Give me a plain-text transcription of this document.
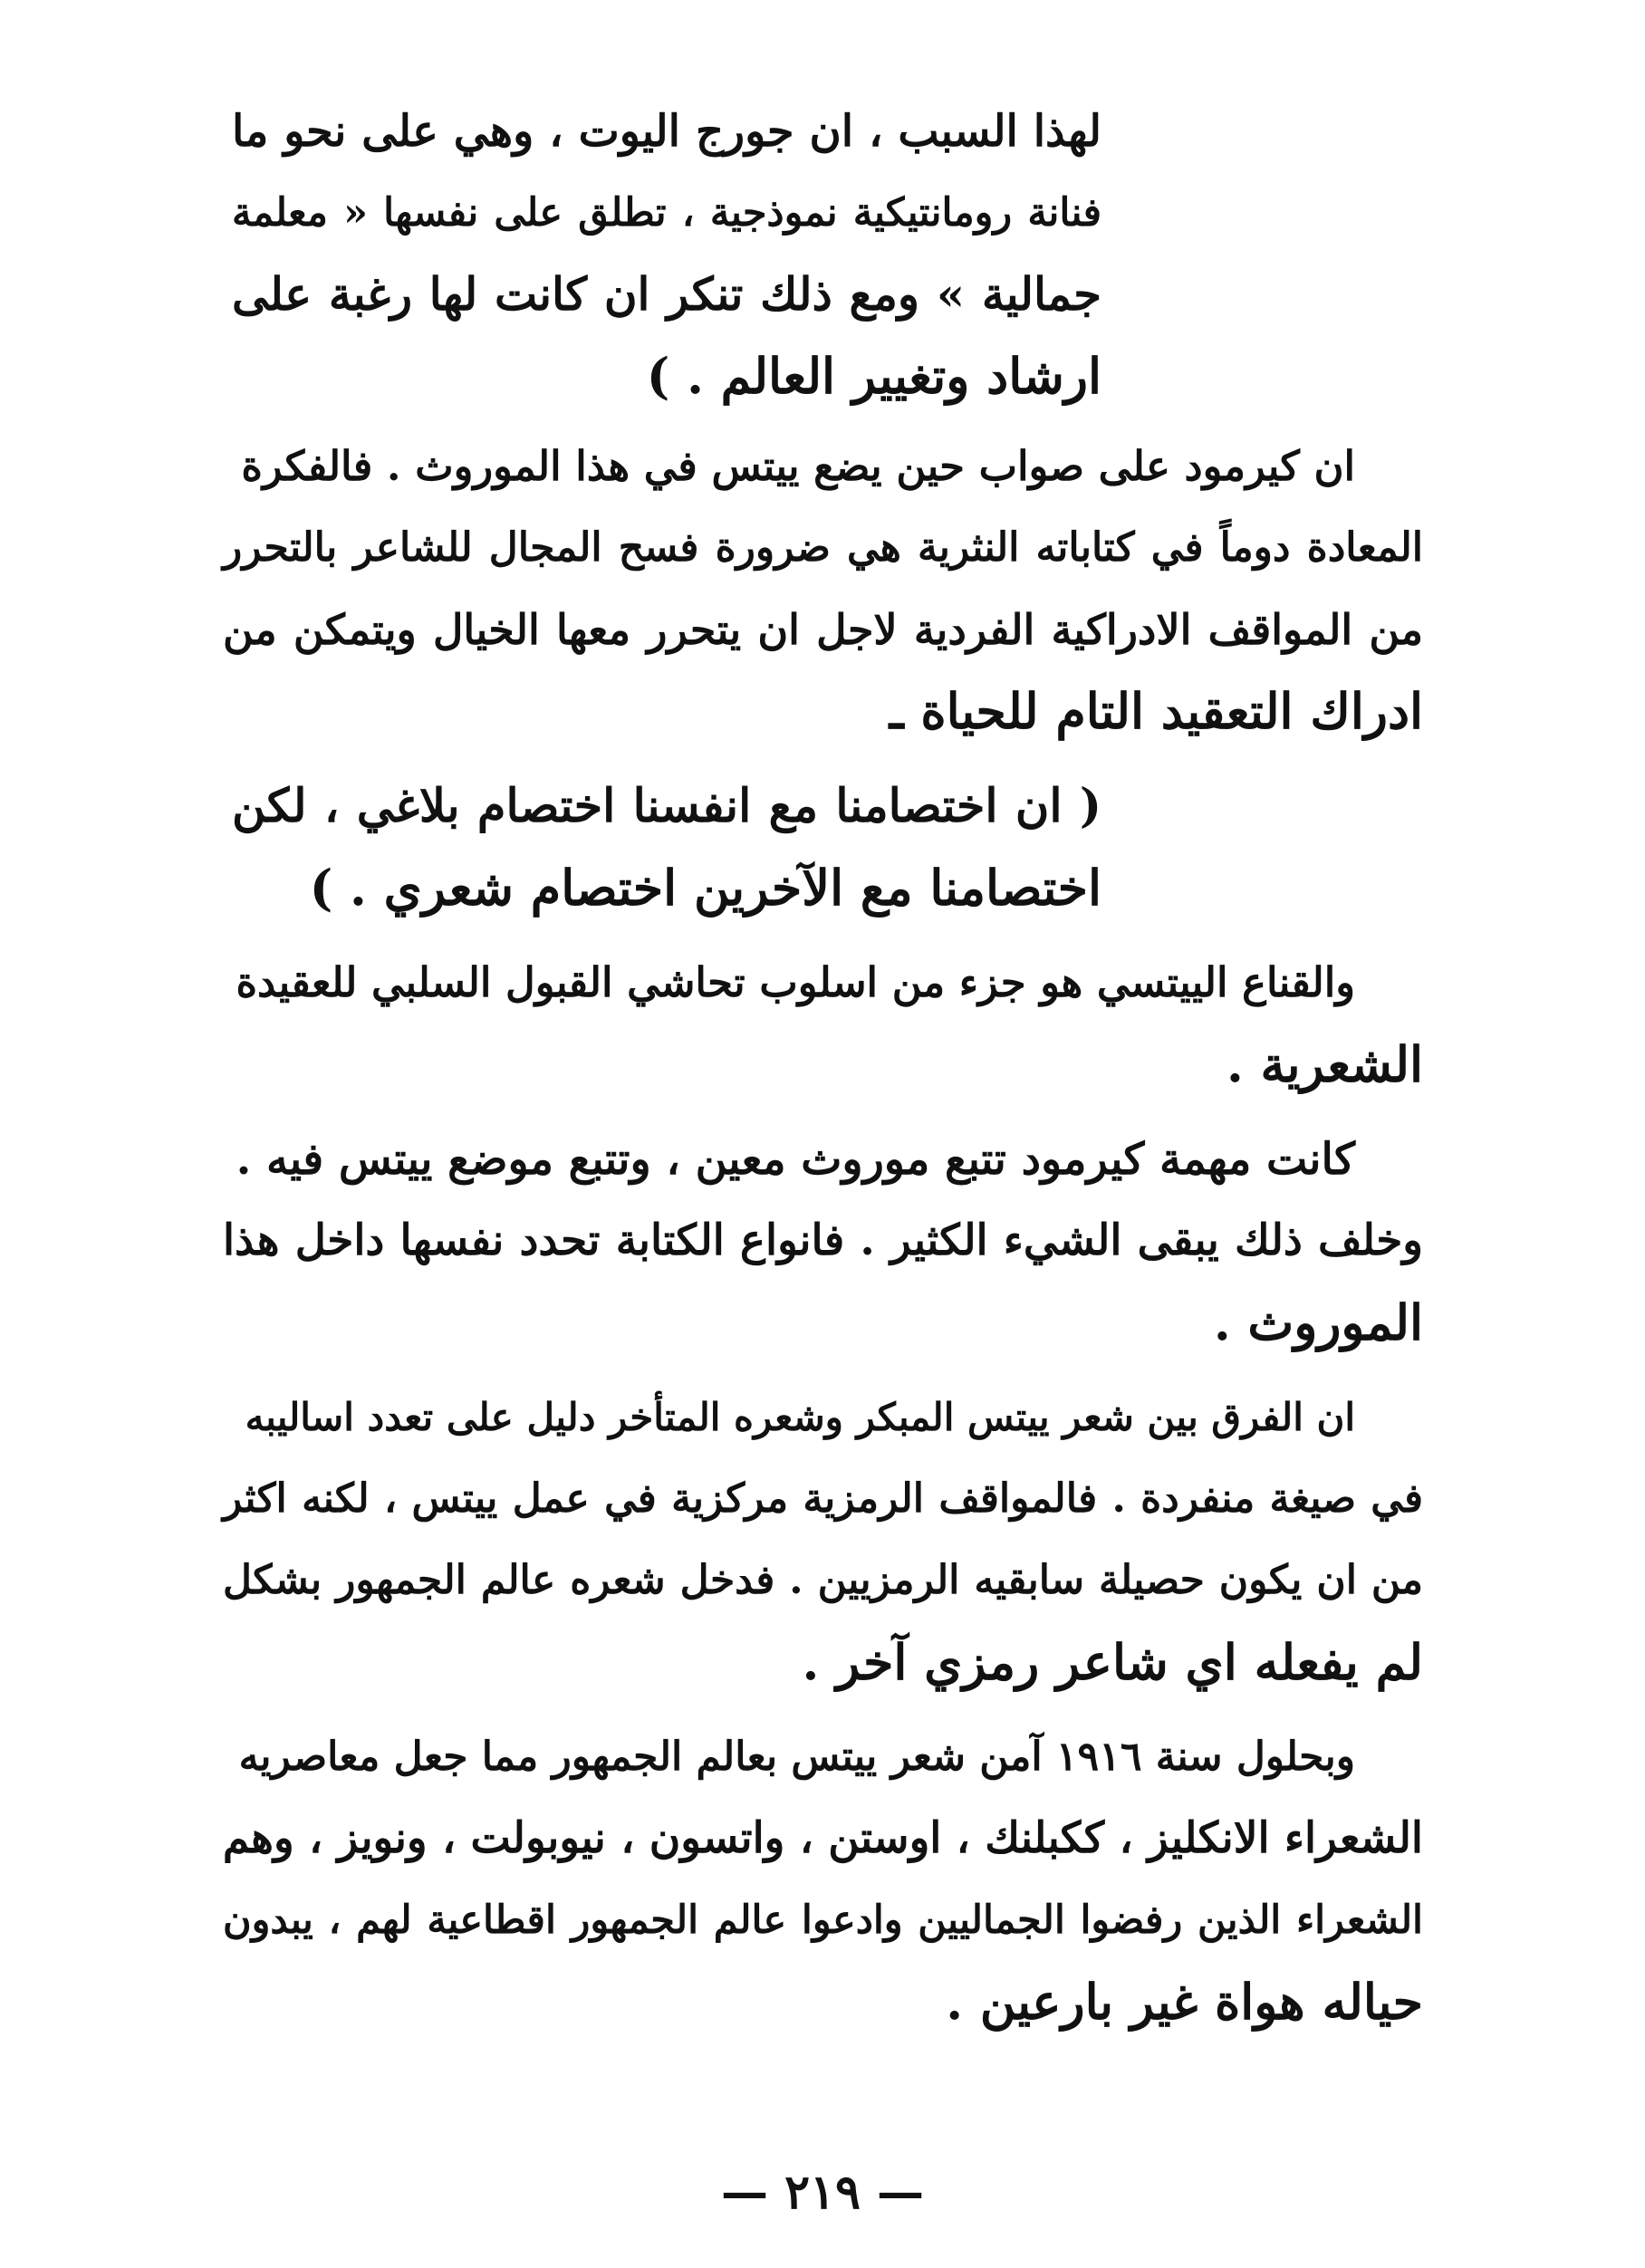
لهذا السبب ، ان جورج اليوت ، وهي على نحو ما
فنانة رومانتيكية نموذجية ، تطلق على نفسها « معلمة
جمالية » ومع ذلك تنكر ان كانت لها رغبة على
ارشاد وتغيير العالم . )
ان كيرمود على صواب حين يضع ييتس في هذا الموروث . فالفكرة
المعادة دوماً في كتاباته النثرية هي ضرورة فسح المجال للشاعر بالتحرر
من المواقف الادراكية الفردية لاجل ان يتحرر معها الخيال ويتمكن من
ادراك التعقيد التام للحياة ـ
( ان اختصامنا مع انفسنا اختصام بلاغي ، لكن
اختصامنا مع الآخرين اختصام شعري . )
والقناع الييتسي هو جزء من اسلوب تحاشي القبول السلبي للعقيدة
الشعرية .
كانت مهمة كيرمود تتبع موروث معين ، وتتبع موضع ييتس فيه .
وخلف ذلك يبقى الشيء الكثير . فانواع الكتابة تحدد نفسها داخل هذا
الموروث .
ان الفرق بين شعر ييتس المبكر وشعره المتأخر دليل على تعدد اساليبه
في صيغة منفردة . فالمواقف الرمزية مركزية في عمل ييتس ، لكنه اكثر
من ان يكون حصيلة سابقيه الرمزيين . فدخل شعره عالم الجمهور بشكل
لم يفعله اي شاعر رمزي آخر .
وبحلول سنة ١٩١٦ آمن شعر ييتس بعالم الجمهور مما جعل معاصريه
الشعراء الانكليز ، ككبلنك ، اوستن ، واتسون ، نيوبولت ، ونويز ، وهم
الشعراء الذين رفضوا الجماليين وادعوا عالم الجمهور اقطاعية لهم ، يبدون
حياله هواة غير بارعين .
— ٢١٩ —
